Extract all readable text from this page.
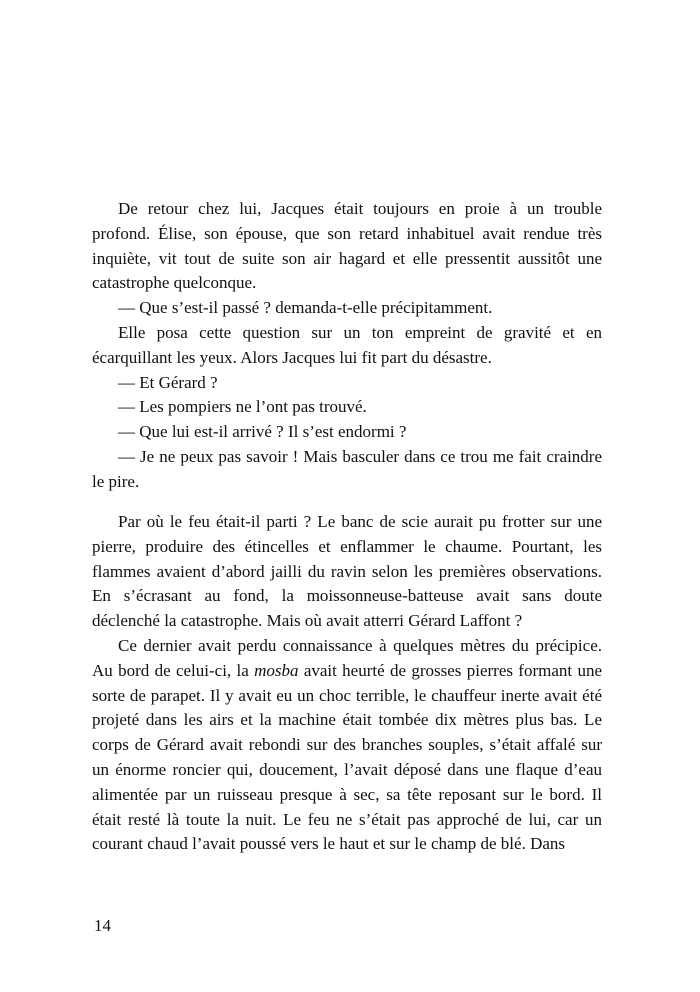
De retour chez lui, Jacques était toujours en proie à un trouble profond. Élise, son épouse, que son retard inhabituel avait rendue très inquiète, vit tout de suite son air hagard et elle pressentit aussitôt une catastrophe quelconque.

— Que s’est-il passé ? demanda-t-elle précipitamment.

Elle posa cette question sur un ton empreint de gravité et en écarquillant les yeux. Alors Jacques lui fit part du désastre.

— Et Gérard ?

— Les pompiers ne l’ont pas trouvé.

— Que lui est-il arrivé ? Il s’est endormi ?

— Je ne peux pas savoir ! Mais basculer dans ce trou me fait craindre le pire.

Par où le feu était-il parti ? Le banc de scie aurait pu frotter sur une pierre, produire des étincelles et enflammer le chaume. Pourtant, les flammes avaient d’abord jailli du ravin selon les premières observations. En s’écrasant au fond, la moissonneuse-batteuse avait sans doute déclenché la catastrophe. Mais où avait atterri Gérard Laffont ?

Ce dernier avait perdu connaissance à quelques mètres du précipice. Au bord de celui-ci, la mosba avait heurté de grosses pierres formant une sorte de parapet. Il y avait eu un choc terrible, le chauffeur inerte avait été projeté dans les airs et la machine était tombée dix mètres plus bas. Le corps de Gérard avait rebondi sur des branches souples, s’était affalé sur un énorme roncier qui, doucement, l’avait déposé dans une flaque d’eau alimentée par un ruisseau presque à sec, sa tête reposant sur le bord. Il était resté là toute la nuit. Le feu ne s’était pas approché de lui, car un courant chaud l’avait poussé vers le haut et sur le champ de blé. Dans

14
